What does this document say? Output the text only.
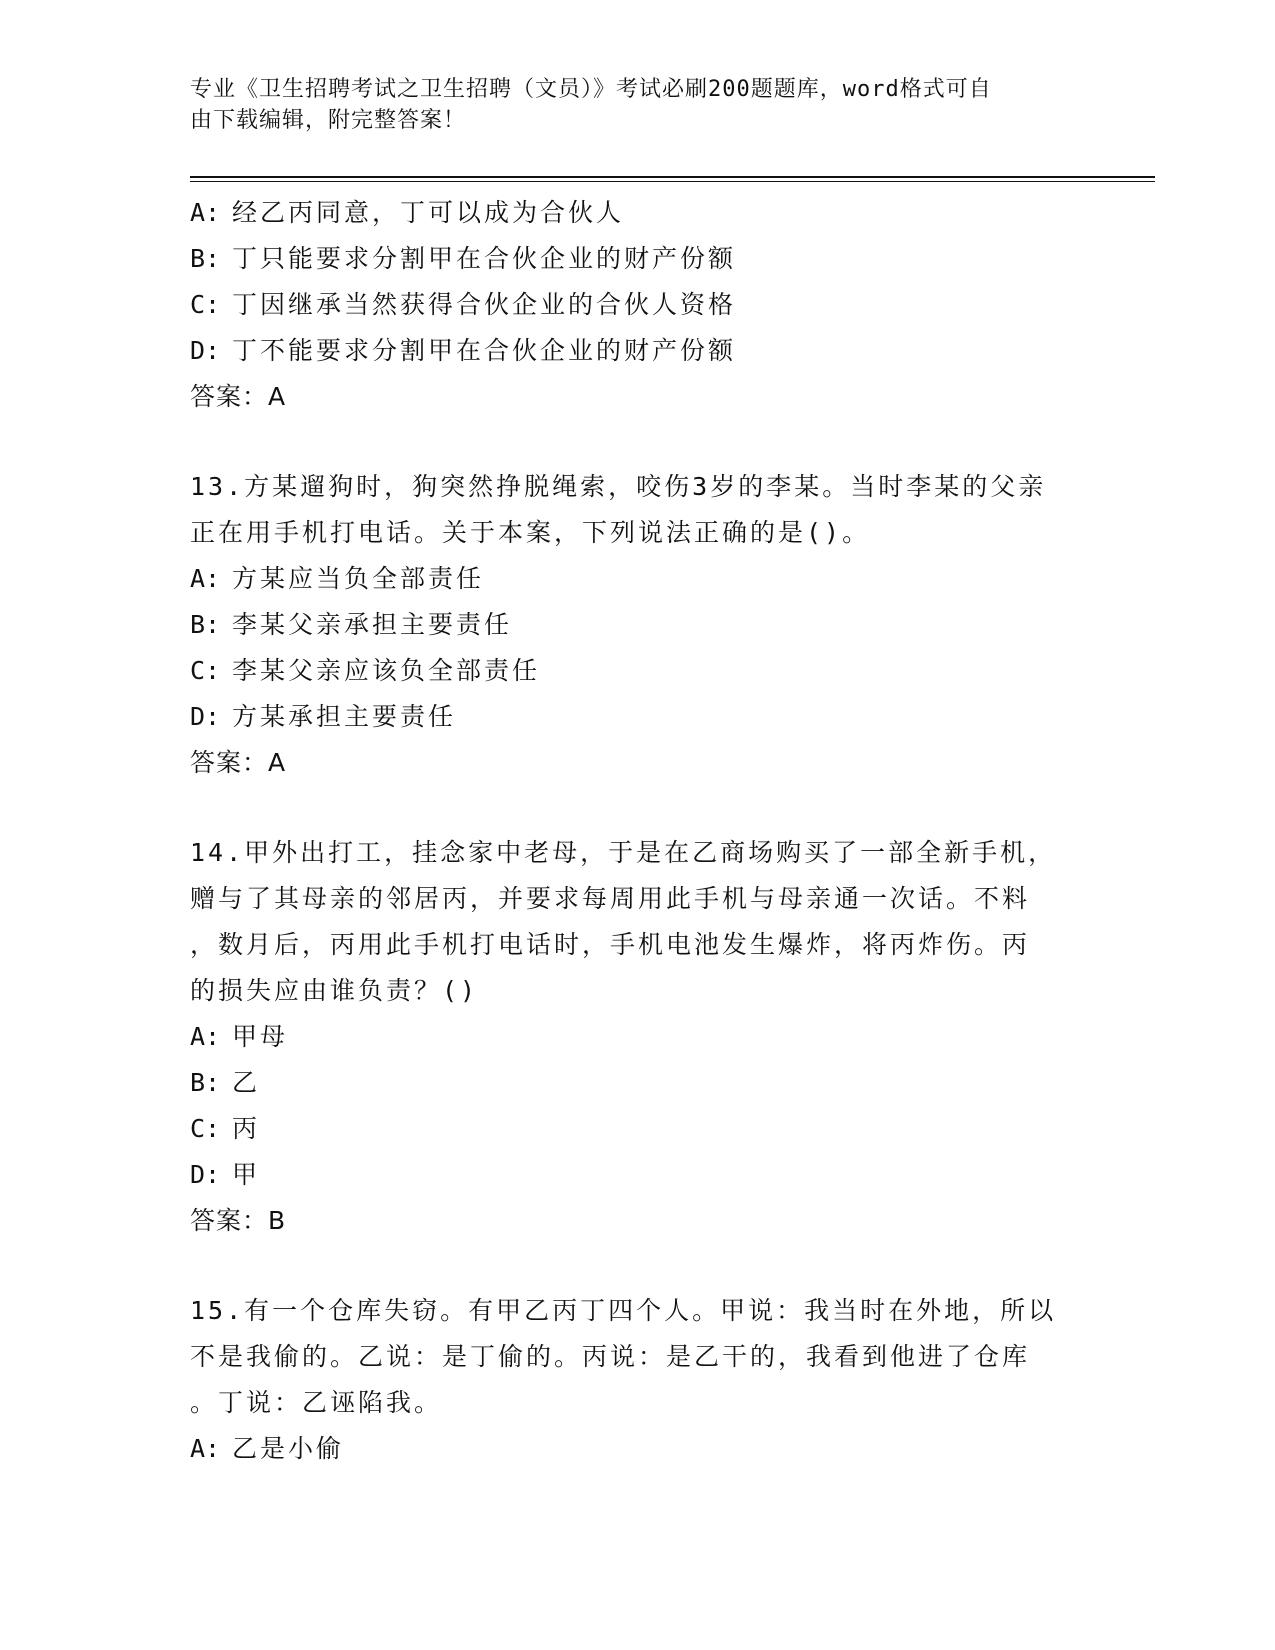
专业《卫生招聘考试之卫生招聘（文员）》考试必刷200题题库，word格式可自
由下载编辑，附完整答案！
A: 经乙丙同意，丁可以成为合伙人
B: 丁只能要求分割甲在合伙企业的财产份额
C: 丁因继承当然获得合伙企业的合伙人资格
D: 丁不能要求分割甲在合伙企业的财产份额
答案：A
13.方某遛狗时，狗突然挣脱绳索，咬伤3岁的李某。当时李某的父亲
正在用手机打电话。关于本案，下列说法正确的是()。
A: 方某应当负全部责任
B: 李某父亲承担主要责任
C: 李某父亲应该负全部责任
D: 方某承担主要责任
答案：A
14.甲外出打工，挂念家中老母，于是在乙商场购买了一部全新手机，
赠与了其母亲的邻居丙，并要求每周用此手机与母亲通一次话。不料
，数月后，丙用此手机打电话时，手机电池发生爆炸，将丙炸伤。丙
的损失应由谁负责？()
A: 甲母
B: 乙
C: 丙
D: 甲
答案：B
15.有一个仓库失窃。有甲乙丙丁四个人。甲说：我当时在外地，所以
不是我偷的。乙说：是丁偷的。丙说：是乙干的，我看到他进了仓库
。丁说：乙诬陷我。
A: 乙是小偷
